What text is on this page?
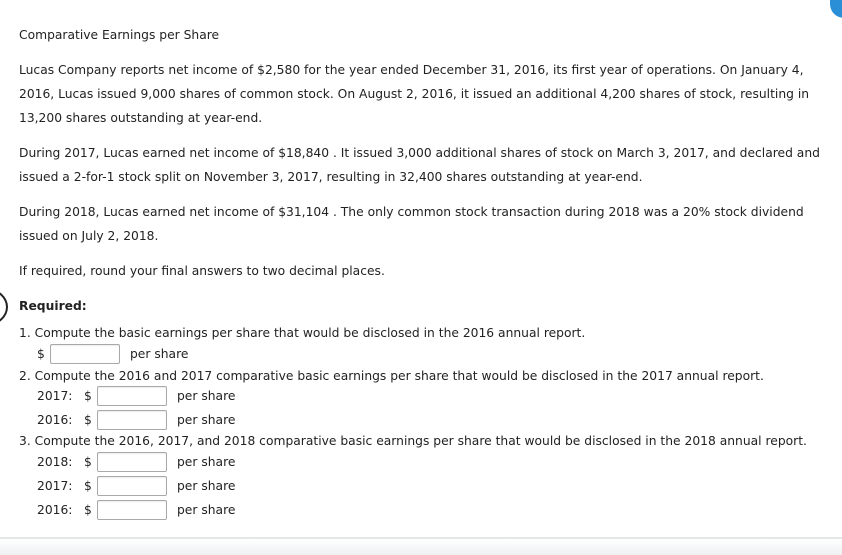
Comparative Earnings per Share

Lucas Company reports net income of $2,580 for the year ended December 31, 2016, its first year of operations. On January 4, 2016, Lucas issued 9,000 shares of common stock. On August 2, 2016, it issued an additional 4,200 shares of stock, resulting in 13,200 shares outstanding at year-end.

During 2017, Lucas earned net income of $18,840 . It issued 3,000 additional shares of stock on March 3, 2017, and declared and issued a 2-for-1 stock split on November 3, 2017, resulting in 32,400 shares outstanding at year-end.

During 2018, Lucas earned net income of $31,104 . The only common stock transaction during 2018 was a 20% stock dividend issued on July 2, 2018.

If required, round your final answers to two decimal places.

Required:
1. Compute the basic earnings per share that would be disclosed in the 2016 annual report.
$	per share
2. Compute the 2016 and 2017 comparative basic earnings per share that would be disclosed in the 2017 annual report.
2017: $	per share
2016: $	per share
3. Compute the 2016, 2017, and 2018 comparative basic earnings per share that would be disclosed in the 2018 annual report.
2018: $	per share
2017: $	per share
2016: $	per share
